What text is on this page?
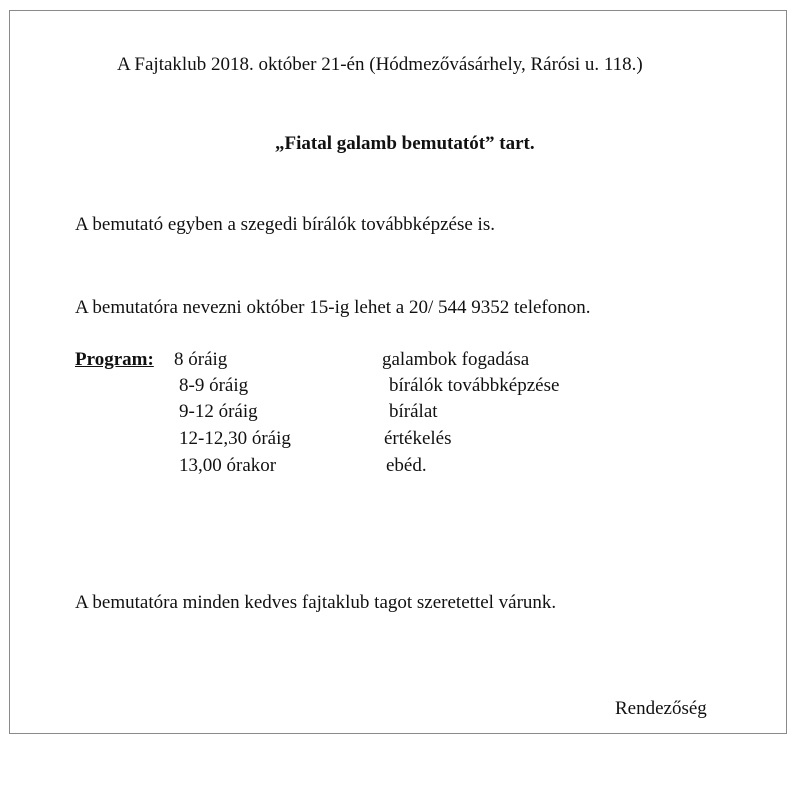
A Fajtaklub 2018. október 21-én (Hódmezővásárhely, Rárósi u. 118.)
„Fiatal galamb bemutatót” tart.
A bemutató egyben a szegedi bírálók továbbképzése is.
A bemutatóra nevezni október 15-ig lehet a 20/ 544 9352 telefonon.
Program: 8 óráig	galambok fogadása
8-9 óráig	bírálók továbbképzése
9-12 óráig	bírálat
12-12,30 óráig	értékelés
13,00 órakor	ebéd.
A bemutatóra minden kedves fajtaklub tagot szeretettel várunk.
Rendezőség
